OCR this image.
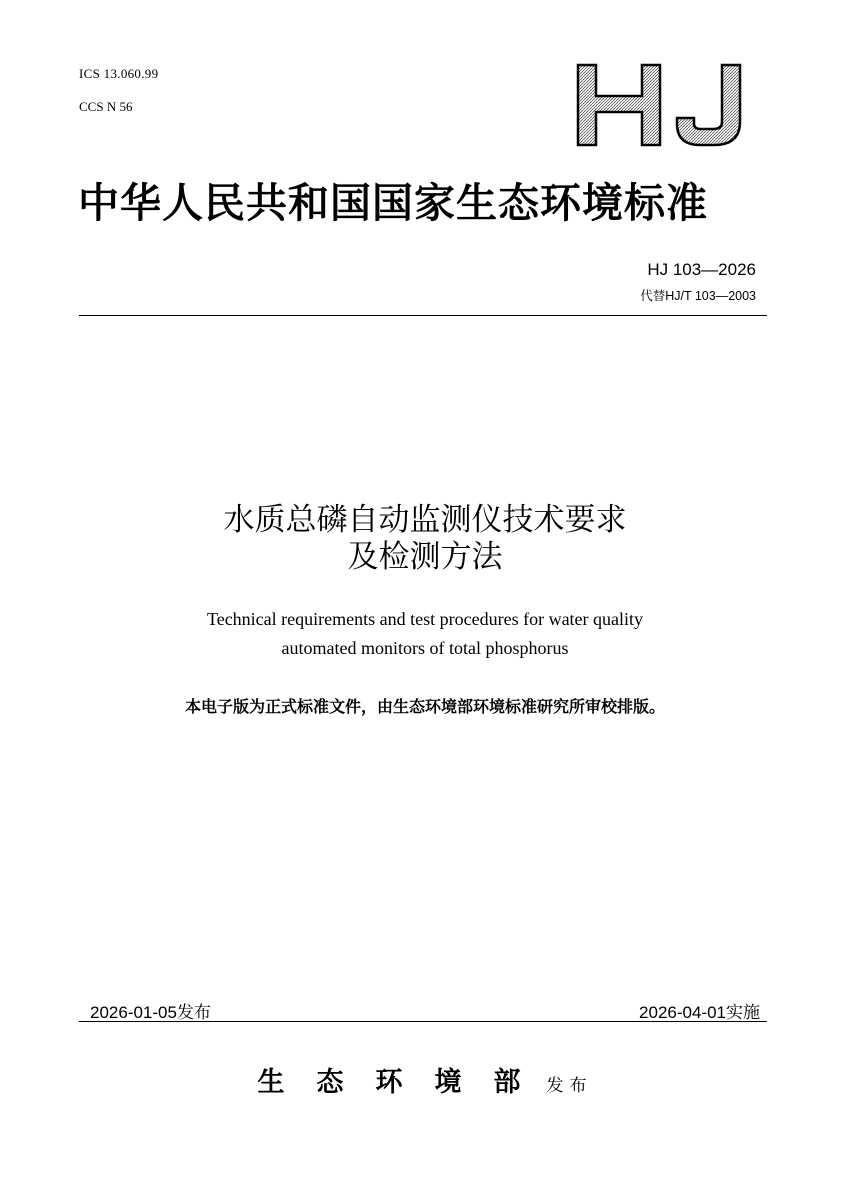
ICS 13.060.99
CCS N 56
HJ
中华人民共和国国家生态环境标准
HJ 103—2026
代替HJ/T 103—2003
水质总磷自动监测仪技术要求
及检测方法
Technical requirements and test procedures for water quality
automated monitors of total phosphorus
本电子版为正式标准文件，由生态环境部环境标准研究所审校排版。
2026-01-05发布	2026-04-01实施
生态环境部发布
